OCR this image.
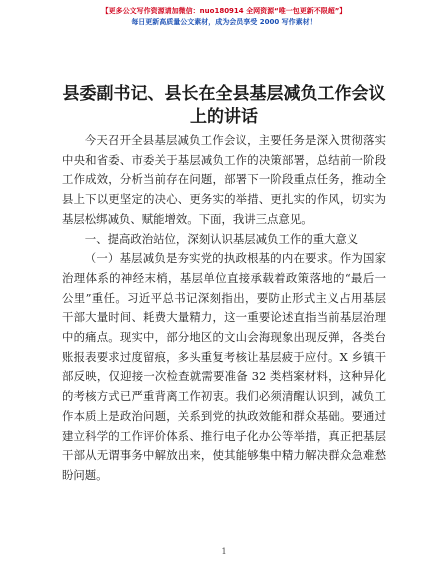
【更多公文写作资源请加微信：nuo180914 全网资源“唯一包更新不限超”】
每日更新高质量公文素材，成为会员享受 2000 写作素材！
县委副书记、县长在全县基层减负工作会议上的讲话

今天召开全县基层减负工作会议，主要任务是深入贯彻落实中央和省委、市委关于基层减负工作的决策部署，总结前一阶段工作成效，分析当前存在问题，部署下一阶段重点任务，推动全县上下以更坚定的决心、更务实的举措、更扎实的作风，切实为基层松绑减负、赋能增效。下面，我讲三点意见。

一、提高政治站位，深刻认识基层减负工作的重大意义

（一）基层减负是夯实党的执政根基的内在要求。作为国家治理体系的神经末梢，基层单位直接承载着政策落地的“最后一公里”重任。习近平总书记深刻指出，要防止形式主义占用基层干部大量时间、耗费大量精力，这一重要论述直指当前基层治理中的痛点。现实中，部分地区的文山会海现象出现反弹，各类台账报表要求过度留痕，多头重复考核让基层疲于应付。X 乡镇干部反映，仅迎接一次检查就需要准备 32 类档案材料，这种异化的考核方式已严重背离工作初衷。我们必须清醒认识到，减负工作本质上是政治问题，关系到党的执政效能和群众基础。要通过建立科学的工作评价体系、推行电子化办公等举措，真正把基层干部从无谓事务中解放出来，使其能够集中精力解决群众急难愁盼问题。

1
